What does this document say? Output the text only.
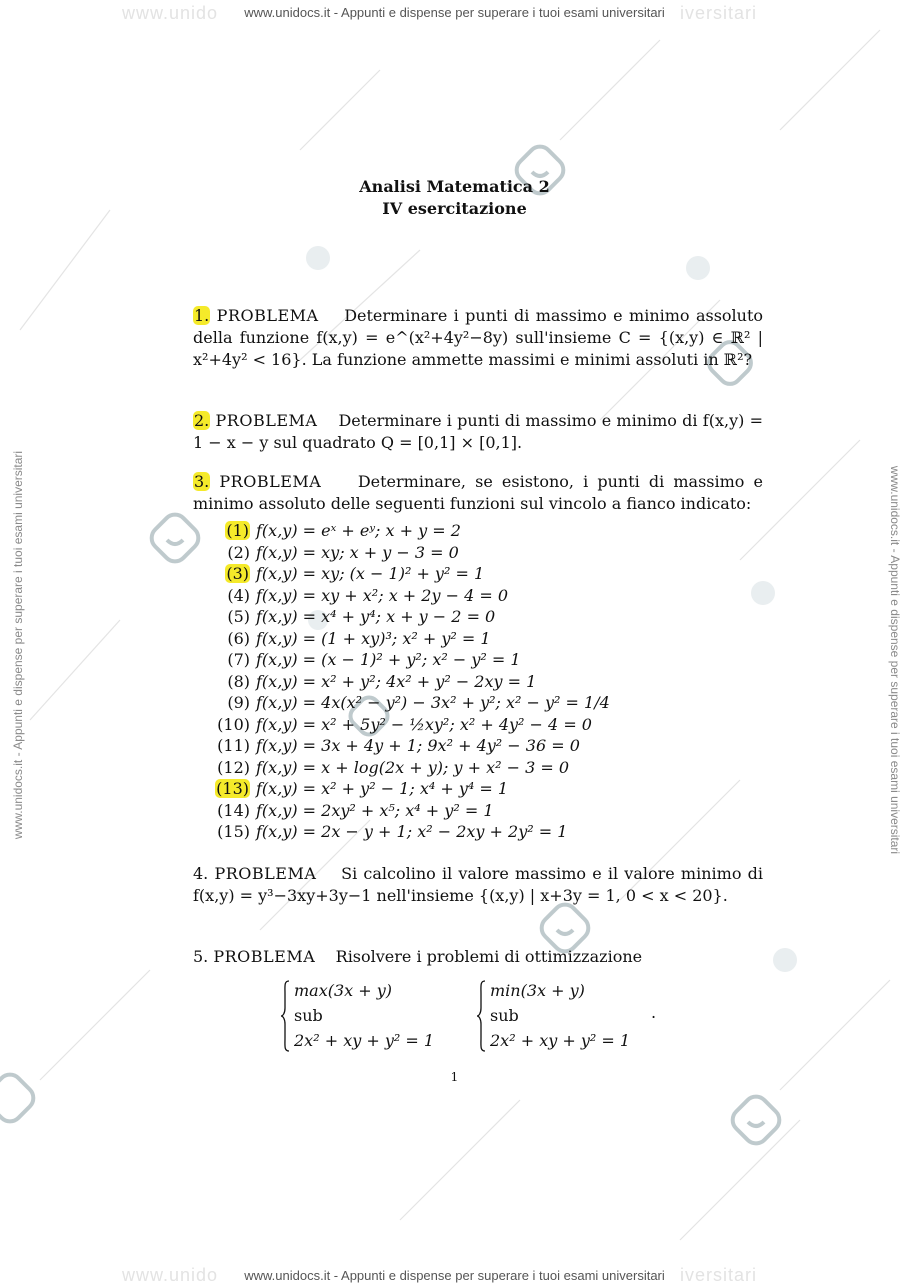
www.unidocs.it - Appunti e dispense per superare i tuoi esami universitari
www.unido	iversitari
www.unidocs.it - Appunti e dispense per superare i tuoi esami universitari	www.unidocs.it - Appunti e dispense per superare i tuoi esami universitari
Analisi Matematica 2
IV esercitazione
1. PROBLEMA Determinare i punti di massimo e minimo assoluto della funzione f(x,y) = e^(x²+4y²−8y) sull'insieme C = {(x,y) ∈ ℝ² | x²+4y² < 16}. La funzione ammette massimi e minimi assoluti in ℝ²?
2. PROBLEMA Determinare i punti di massimo e minimo di f(x,y) = 1 − x − y sul quadrato Q = [0,1] × [0,1].
3. PROBLEMA Determinare, se esistono, i punti di massimo e minimo assoluto delle seguenti funzioni sul vincolo a fianco indicato:
(1) f(x,y) = eˣ + eʸ; x + y = 2
(2) f(x,y) = xy; x + y − 3 = 0
(3) f(x,y) = xy; (x − 1)² + y² = 1
(4) f(x,y) = xy + x²; x + 2y − 4 = 0
(5) f(x,y) = x⁴ + y⁴; x + y − 2 = 0
(6) f(x,y) = (1 + xy)³; x² + y² = 1
(7) f(x,y) = (x − 1)² + y²; x² − y² = 1
(8) f(x,y) = x² + y²; 4x² + y² − 2xy = 1
(9) f(x,y) = 4x(x² − y²) − 3x² + y²; x² − y² = 1/4
(10) f(x,y) = x² + 5y² − ½xy²; x² + 4y² − 4 = 0
(11) f(x,y) = 3x + 4y + 1; 9x² + 4y² − 36 = 0
(12) f(x,y) = x + log(2x + y); y + x² − 3 = 0
(13) f(x,y) = x² + y² − 1; x⁴ + y⁴ = 1
(14) f(x,y) = 2xy² + x⁵; x⁴ + y² = 1
(15) f(x,y) = 2x − y + 1; x² − 2xy + 2y² = 1
4. PROBLEMA Si calcolino il valore massimo e il valore minimo di f(x,y) = y³−3xy+3y−1 nell'insieme {(x,y) | x+3y = 1, 0 < x < 20}.
5. PROBLEMA Risolvere i problemi di ottimizzazione
max(3x + y)
sub
2x² + xy + y² = 1
min(3x + y)
sub
2x² + xy + y² = 1
.
1
www.unidocs.it - Appunti e dispense per superare i tuoi esami universitari
www.unido	iversitari
